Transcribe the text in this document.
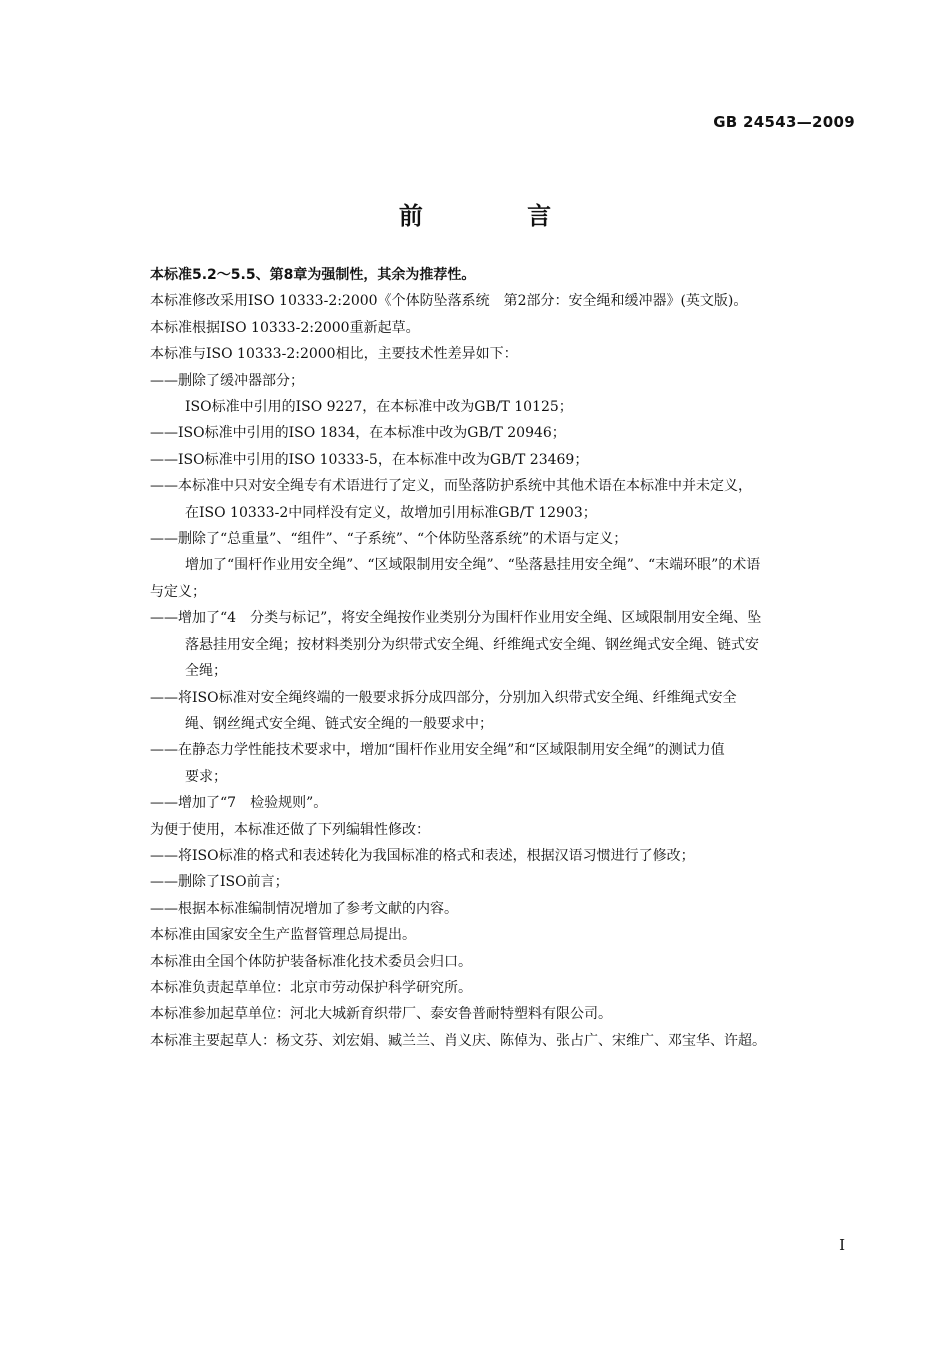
GB 24543—2009
前 言
本标准5.2～5.5、第8章为强制性，其余为推荐性。
本标准修改采用ISO 10333-2:2000《个体防坠落系统　第2部分：安全绳和缓冲器》(英文版)。
本标准根据ISO 10333-2:2000重新起草。
本标准与ISO 10333-2:2000相比，主要技术性差异如下：
——删除了缓冲器部分；
ISO标准中引用的ISO 9227，在本标准中改为GB/T 10125；
——ISO标准中引用的ISO 1834，在本标准中改为GB/T 20946；
——ISO标准中引用的ISO 10333-5，在本标准中改为GB/T 23469；
——本标准中只对安全绳专有术语进行了定义，而坠落防护系统中其他术语在本标准中并未定义，
在ISO 10333-2中同样没有定义，故增加引用标准GB/T 12903；
——删除了“总重量”、“组件”、“子系统”、“个体防坠落系统”的术语与定义；
增加了“围杆作业用安全绳”、“区域限制用安全绳”、“坠落悬挂用安全绳”、“末端环眼”的术语
与定义；
——增加了“4　分类与标记”，将安全绳按作业类别分为围杆作业用安全绳、区域限制用安全绳、坠
落悬挂用安全绳；按材料类别分为织带式安全绳、纤维绳式安全绳、钢丝绳式安全绳、链式安
全绳；
——将ISO标准对安全绳终端的一般要求拆分成四部分，分别加入织带式安全绳、纤维绳式安全
绳、钢丝绳式安全绳、链式安全绳的一般要求中；
——在静态力学性能技术要求中，增加“围杆作业用安全绳”和“区域限制用安全绳”的测试力值
要求；
——增加了“7　检验规则”。
为便于使用，本标准还做了下列编辑性修改：
——将ISO标准的格式和表述转化为我国标准的格式和表述，根据汉语习惯进行了修改；
——删除了ISO前言；
——根据本标准编制情况增加了参考文献的内容。
本标准由国家安全生产监督管理总局提出。
本标准由全国个体防护装备标准化技术委员会归口。
本标准负责起草单位：北京市劳动保护科学研究所。
本标准参加起草单位：河北大城新育织带厂、泰安鲁普耐特塑料有限公司。
本标准主要起草人：杨文芬、刘宏娟、臧兰兰、肖义庆、陈倬为、张占广、宋维广、邓宝华、许超。
I
